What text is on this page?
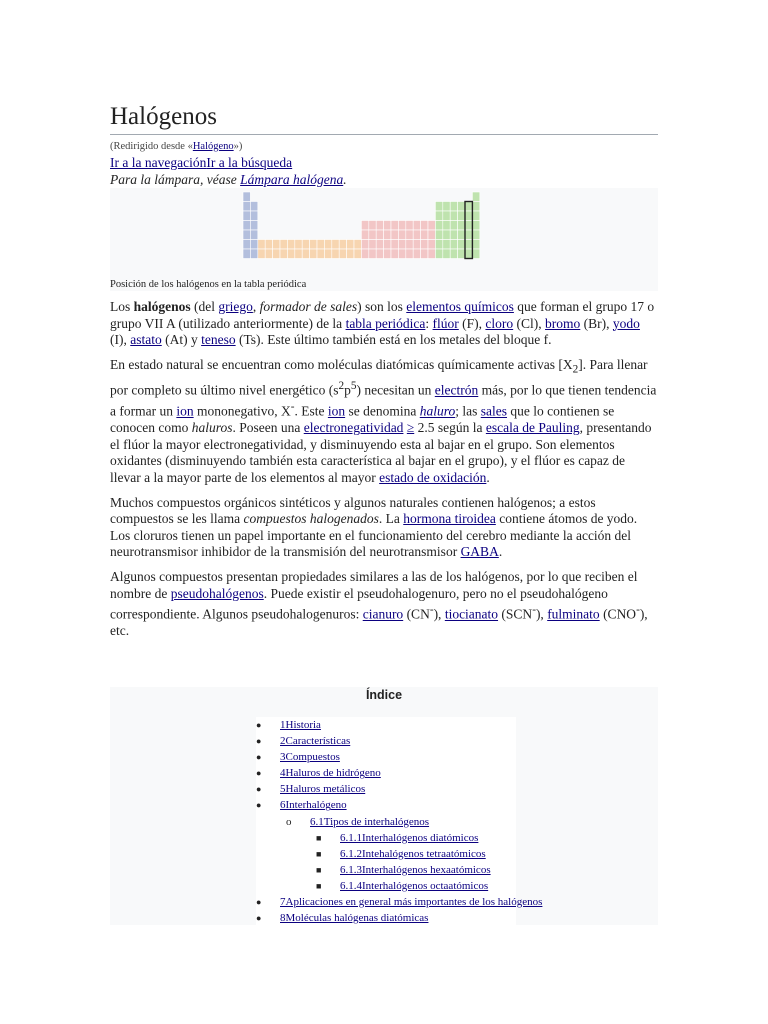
Halógenos
(Redirigido desde «Halógeno»)
Ir a la navegaciónIr a la búsqueda
Para la lámpara, véase Lámpara halógena.
Posición de los halógenos en la tabla periódica

Los halógenos (del griego, formador de sales) son los elementos químicos que forman el grupo 17 o grupo VII A (utilizado anteriormente) de la tabla periódica: flúor (F), cloro (Cl), bromo (Br), yodo (I), astato (At) y teneso (Ts). Este último también está en los metales del bloque f.

En estado natural se encuentran como moléculas diatómicas químicamente activas $[X_2]$. Para llenar por completo su último nivel energético $(s^2p^5)$ necesitan un electrón más, por lo que tienen tendencia a formar un ion mononegativo, X-. Este ion se denomina haluro; las sales que lo contienen se conocen como haluros. Poseen una electronegatividad ≥ 2.5 según la escala de Pauling, presentando el flúor la mayor electronegatividad, y disminuyendo esta al bajar en el grupo. Son elementos oxidantes (disminuyendo también esta característica al bajar en el grupo), y el flúor es capaz de llevar a la mayor parte de los elementos al mayor estado de oxidación.

Muchos compuestos orgánicos sintéticos y algunos naturales contienen halógenos; a estos compuestos se les llama compuestos halogenados. La hormona tiroidea contiene átomos de yodo. Los cloruros tienen un papel importante en el funcionamiento del cerebro mediante la acción del neurotransmisor inhibidor de la transmisión del neurotransmisor GABA.

Algunos compuestos presentan propiedades similares a las de los halógenos, por lo que reciben el nombre de pseudohalógenos. Puede existir el pseudohalogenuro, pero no el pseudohalógeno correspondiente. Algunos pseudohalogenuros: cianuro (CN-), tiocianato (SCN-), fulminato (CNO-), etc.

Índice
● 1Historia
● 2Características
● 3Compuestos
● 4Haluros de hidrógeno
● 5Haluros metálicos
● 6Interhalógeno
o 6.1Tipos de interhalógenos
■ 6.1.1Interhalógenos diatómicos
■ 6.1.2Intehalógenos tetraatómicos
■ 6.1.3Interhalógenos hexaatómicos
■ 6.1.4Interhalógenos octaatómicos
● 7Aplicaciones en general más importantes de los halógenos
● 8Moléculas halógenas diatómicas
